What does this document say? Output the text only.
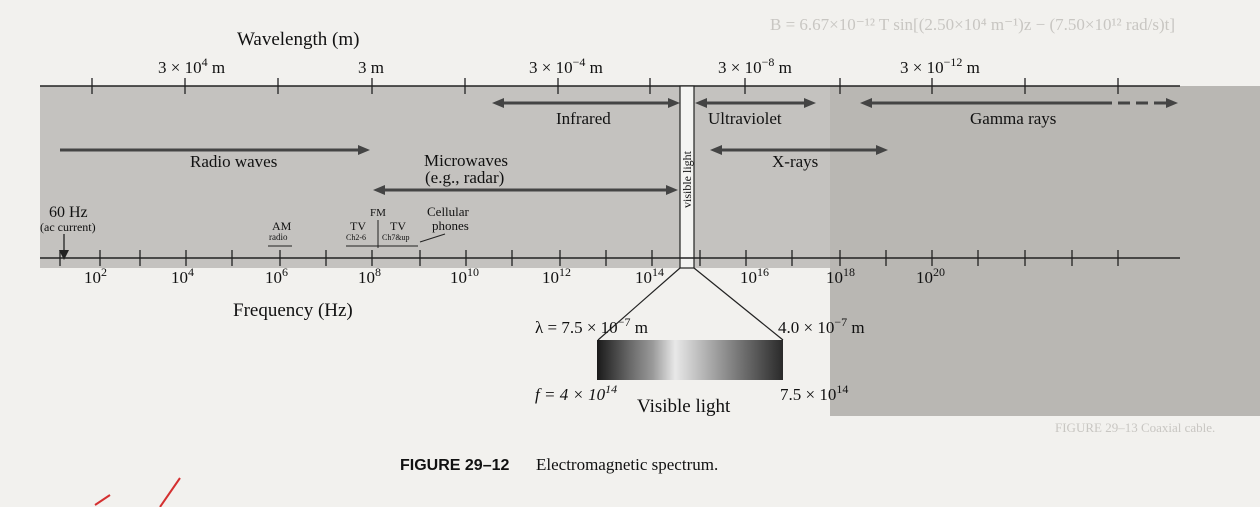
FIGURE 29–13 Coaxial cable.
B = 6.67×10⁻¹² T sin[(2.50×10⁴ m⁻¹)z − (7.50×10¹² rad/s)t]
Wavelength (m)
$3 \times 10^4$ m	3 m	$3 \times 10^{-4}$ m	$3 \times 10^{-8}$ m	$3 \times 10^{-12}$ m
visible light
Infrared	Ultraviolet	Gamma rays
Radio waves	X-rays
Microwaves
(e.g., radar)
60 Hz
(ac current)	AM
radio
FM
TV
Ch2-6
TV
Ch7&up
Cellular
phones
$10^2$	$10^4$	$10^6$	$10^8$	$10^{10}$	$10^{12}$	$10^{14}$	$10^{16}$	$10^{18}$	$10^{20}$
Frequency (Hz)
$\lambda = 7.5 \times 10^{-7}$ m	$4.0 \times 10^{-7}$ m
$f = 4 \times 10^{14}$	$7.5 \times 10^{14}$
Visible light
FIGURE 29–12 Electromagnetic spectrum.
